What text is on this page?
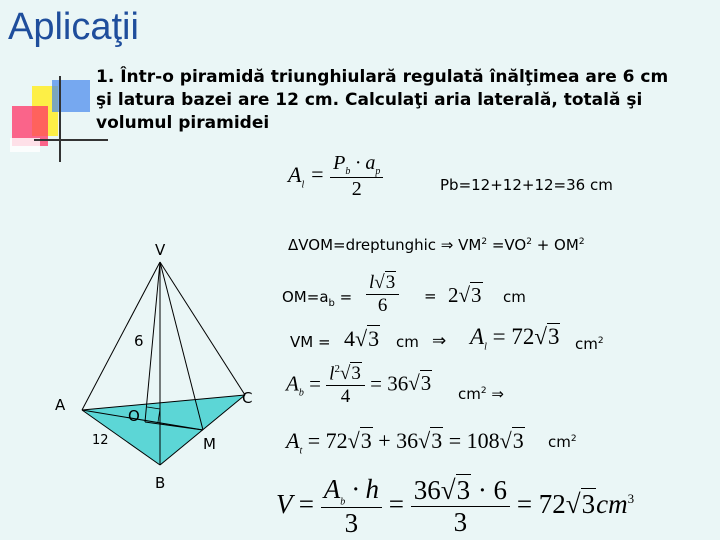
Aplicaţii
1. Într-o piramidă triunghiulară regulată înălţimea are 6 cm
şi latura bazei are 12 cm. Calculaţi aria laterală, totală şi
volumul piramidei
V
A
B
C
O
M
6
12
$A_l = \frac{P_b \cdot a_p}{2}$	Pb=12+12+12=36 cm
ΔVOM=dreptunghic ⇒ $VM^2 =VO^2 + OM^2$
$OM=a_b = \frac{l√3}{6} = 2√3$ cm
VM = 4√3 cm ⇒ $A_l = 72√3$ $cm^2$
$A_b = \frac{l^2√3}{4} = 36√3$ $cm^2$ ⇒
$A_t = 72√3 + 36√3 = 108√3$ $cm^2$
$V = \frac{A_b \cdot h}{3} = \frac{36√3 \cdot 6}{3} = 72√3cm^3$
